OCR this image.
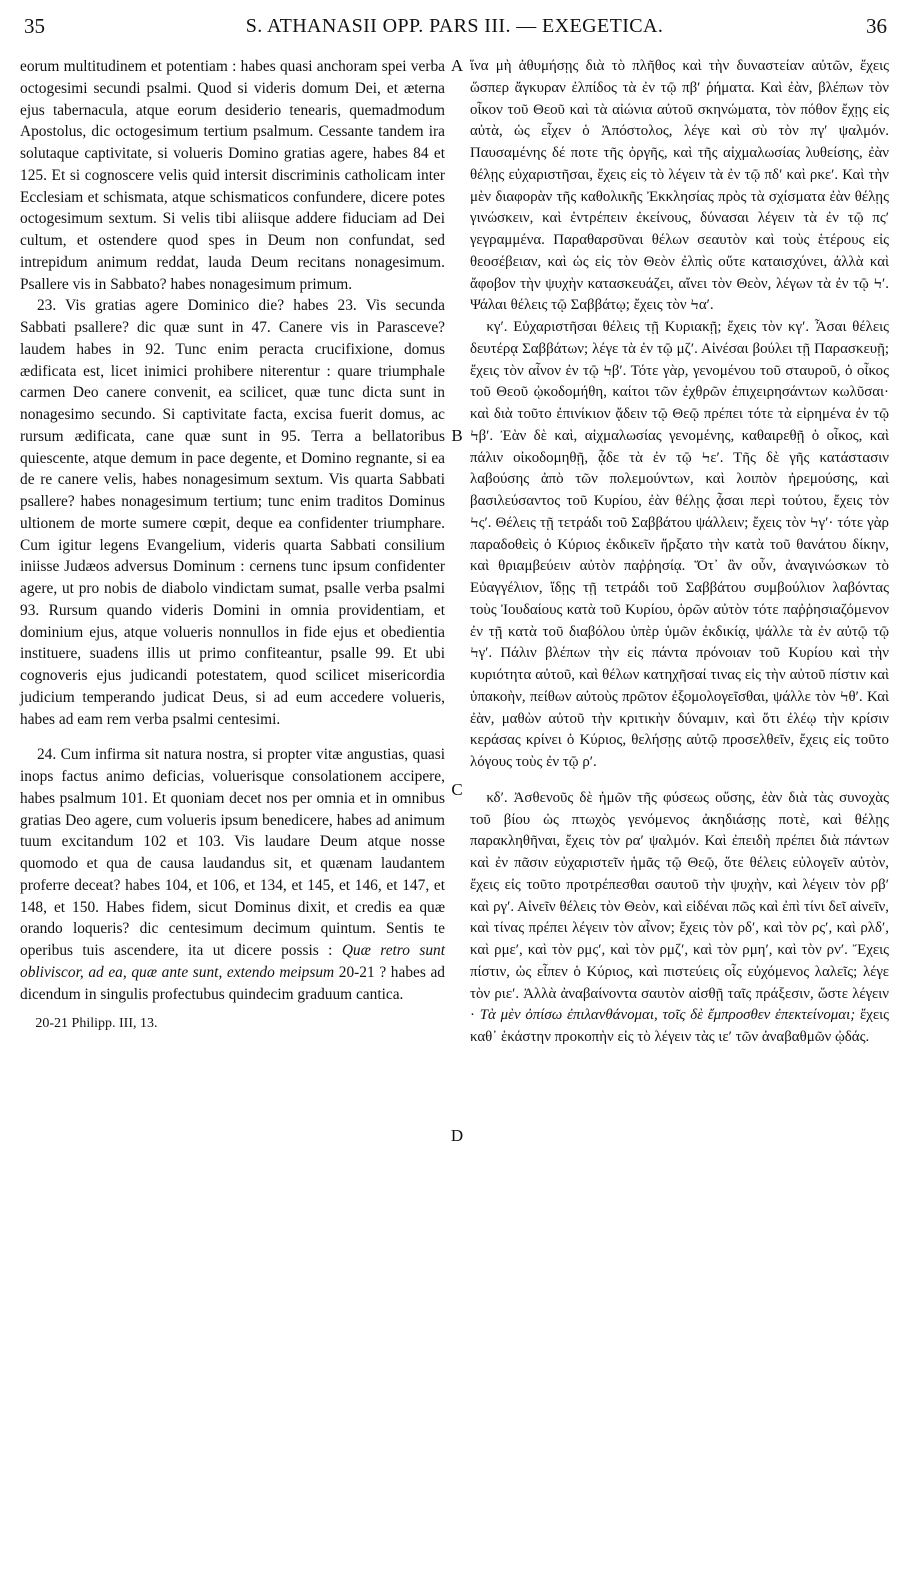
35	S. ATHANASII OPP. PARS III. — EXEGETICA.	36

eorum multitudinem et potentiam : habes quasi anchoram spei verba octogesimi secundi psalmi. Quod si videris domum Dei, et æterna ejus tabernacula, atque eorum desiderio tenearis, quemadmodum Apostolus, dic octogesimum tertium psalmum. Cessante tandem ira solutaque captivitate, si volueris Domino gratias agere, habes 84 et 125. Et si cognoscere velis quid intersit discriminis catholicam inter Ecclesiam et schismata, atque schismaticos confundere, dicere potes octogesimum sextum. Si velis tibi aliisque addere fiduciam ad Dei cultum, et ostendere quod spes in Deum non confundat, sed intrepidum animum reddat, lauda Deum recitans nonagesimum. Psallere vis in Sabbato? habes nonagesimum primum.

23. Vis gratias agere Dominico die? habes 23. Vis secunda Sabbati psallere? dic quæ sunt in 47. Canere vis in Parasceve? laudem habes in 92. Tunc enim peracta crucifixione, domus ædificata est, licet inimici prohibere niterentur : quare triumphale carmen Deo canere convenit, ea scilicet, quæ tunc dicta sunt in nonagesimo secundo. Si captivitate facta, excisa fuerit domus, ac rursum ædificata, cane quæ sunt in 95. Terra a bellatoribus quiescente, atque demum in pace degente, et Domino regnante, si ea de re canere velis, habes nonagesimum sextum. Vis quarta Sabbati psallere? habes nonagesimum tertium; tunc enim traditos Dominus ultionem de morte sumere cœpit, deque ea confidenter triumphare. Cum igitur legens Evangelium, videris quarta Sabbati consilium iniisse Judæos adversus Dominum : cernens tunc ipsum confidenter agere, ut pro nobis de diabolo vindictam sumat, psalle verba psalmi 93. Rursum quando videris Domini in omnia providentiam, et dominium ejus, atque volueris nonnullos in fide ejus et obedientia instituere, suadens illis ut primo confiteantur, psalle 99. Et ubi cognoveris ejus judicandi potestatem, quod scilicet misericordia judicium temperando judicat Deus, si ad eum accedere volueris, habes ad eam rem verba psalmi centesimi.

24. Cum infirma sit natura nostra, si propter vitæ angustias, quasi inops factus animo deficias, voluerisque consolationem accipere, habes psalmum 101. Et quoniam decet nos per omnia et in omnibus gratias Deo agere, cum volueris ipsum benedicere, habes ad animum tuum excitandum 102 et 103. Vis laudare Deum atque nosse quomodo et qua de causa laudandus sit, et quænam laudantem proferre deceat? habes 104, et 106, et 134, et 145, et 146, et 147, et 148, et 150. Habes fidem, sicut Dominus dixit, et credis ea quæ orando loqueris? dic centesimum decimum quintum. Sentis te operibus tuis ascendere, ita ut dicere possis : Quæ retro sunt obliviscor, ad ea, quæ ante sunt, extendo meipsum 20-21 ? habes ad dicendum in singulis profectubus quindecim graduum cantica.

20-21 Philipp. III, 13.

A
B
C
D

ἵνα μὴ ἀθυμήσῃς διὰ τὸ πλῆθος καὶ τὴν δυναστείαν αὐτῶν, ἔχεις ὥσπερ ἄγκυραν ἐλπίδος τὰ ἐν τῷ πβʹ ῥήματα. Καὶ ἐὰν, βλέπων τὸν οἶκον τοῦ Θεοῦ καὶ τὰ αἰώνια αὐτοῦ σκηνώματα, τὸν πόθον ἔχῃς εἰς αὐτὰ, ὡς εἶχεν ὁ Ἀπόστολος, λέγε καὶ σὺ τὸν πγʹ ψαλμόν. Παυσαμένης δέ ποτε τῆς ὀργῆς, καὶ τῆς αἰχμαλωσίας λυθείσης, ἐὰν θέλῃς εὐχαριστῆσαι, ἔχεις εἰς τὸ λέγειν τὰ ἐν τῷ πδʹ καὶ ρκεʹ. Καὶ τὴν μὲν διαφορὰν τῆς καθολικῆς Ἐκκλησίας πρὸς τὰ σχίσματα ἐὰν θέλῃς γινώσκειν, καὶ ἐντρέπειν ἐκείνους, δύνασαι λέγειν τὰ ἐν τῷ πςʹ γεγραμμένα. Παραθαρσῦναι θέλων σεαυτὸν καὶ τοὺς ἑτέρους εἰς θεοσέβειαν, καὶ ὡς εἰς τὸν Θεὸν ἐλπὶς οὔτε καταισχύνει, ἀλλὰ καὶ ἄφοβον τὴν ψυχὴν κατασκευάζει, αἴνει τὸν Θεὸν, λέγων τὰ ἐν τῷ Ϟʹ. Ψάλαι θέλεις τῷ Σαββάτῳ; ἔχεις τὸν Ϟαʹ.

κγʹ. Εὐχαριστῆσαι θέλεις τῇ Κυριακῇ; ἔχεις τὸν κγʹ. Ἆσαι θέλεις δευτέρᾳ Σαββάτων; λέγε τὰ ἐν τῷ μζʹ. Αἰνέσαι βούλει τῇ Παρασκευῇ; ἔχεις τὸν αἶνον ἐν τῷ Ϟβʹ. Τότε γὰρ, γενομένου τοῦ σταυροῦ, ὁ οἶκος τοῦ Θεοῦ ᾠκοδομήθη, καίτοι τῶν ἐχθρῶν ἐπιχειρησάντων κωλῦσαι· καὶ διὰ τοῦτο ἐπινίκιον ᾄδειν τῷ Θεῷ πρέπει τότε τὰ εἰρημένα ἐν τῷ Ϟβʹ. Ἐὰν δὲ καὶ, αἰχμαλωσίας γενομένης, καθαιρεθῇ ὁ οἶκος, καὶ πάλιν οἰκοδομηθῇ, ᾆδε τὰ ἐν τῷ Ϟεʹ. Τῆς δὲ γῆς κατάστασιν λαβούσης ἀπὸ τῶν πολεμούντων, καὶ λοιπὸν ἠρεμούσης, καὶ βασιλεύσαντος τοῦ Κυρίου, ἐὰν θέλῃς ᾆσαι περὶ τούτου, ἔχεις τὸν Ϟςʹ. Θέλεις τῇ τετράδι τοῦ Σαββάτου ψάλλειν; ἔχεις τὸν Ϟγʹ· τότε γὰρ παραδοθεὶς ὁ Κύριος ἐκδικεῖν ἤρξατο τὴν κατὰ τοῦ θανάτου δίκην, καὶ θριαμβεύειν αὐτὸν παῤῥησίᾳ. Ὅτ᾽ ἂν οὖν, ἀναγινώσκων τὸ Εὐαγγέλιον, ἴδῃς τῇ τετράδι τοῦ Σαββάτου συμβούλιον λαβόντας τοὺς Ἰουδαίους κατὰ τοῦ Κυρίου, ὁρῶν αὐτὸν τότε παῤῥησιαζόμενον ἐν τῇ κατὰ τοῦ διαβόλου ὑπὲρ ὑμῶν ἐκδικίᾳ, ψάλλε τὰ ἐν αὐτῷ τῷ Ϟγʹ. Πάλιν βλέπων τὴν εἰς πάντα πρόνοιαν τοῦ Κυρίου καὶ τὴν κυριότητα αὐτοῦ, καὶ θέλων κατηχῆσαί τινας εἰς τὴν αὐτοῦ πίστιν καὶ ὑπακοὴν, πείθων αὐτοὺς πρῶτον ἐξομολογεῖσθαι, ψάλλε τὸν Ϟθʹ. Καὶ ἐὰν, μαθὼν αὐτοῦ τὴν κριτικὴν δύναμιν, καὶ ὅτι ἐλέῳ τὴν κρίσιν κεράσας κρίνει ὁ Κύριος, θελήσῃς αὐτῷ προσελθεῖν, ἔχεις εἰς τοῦτο λόγους τοὺς ἐν τῷ ρʹ.

κδʹ. Ἀσθενοῦς δὲ ἡμῶν τῆς φύσεως οὔσης, ἐὰν διὰ τὰς συνοχὰς τοῦ βίου ὡς πτωχὸς γενόμενος ἀκηδιάσῃς ποτὲ, καὶ θέλῃς παρακληθῆναι, ἔχεις τὸν ραʹ ψαλμόν. Καὶ ἐπειδὴ πρέπει διὰ πάντων καὶ ἐν πᾶσιν εὐχαριστεῖν ἡμᾶς τῷ Θεῷ, ὅτε θέλεις εὐλογεῖν αὐτὸν, ἔχεις εἰς τοῦτο προτρέπεσθαι σαυτοῦ τὴν ψυχὴν, καὶ λέγειν τὸν ρβʹ καὶ ργʹ. Αἰνεῖν θέλεις τὸν Θεὸν, καὶ εἰδέναι πῶς καὶ ἐπὶ τίνι δεῖ αἰνεῖν, καὶ τίνας πρέπει λέγειν τὸν αἶνον; ἔχεις τὸν ρδʹ, καὶ τὸν ρςʹ, καὶ ρλδʹ, καὶ ρμεʹ, καὶ τὸν ρμςʹ, καὶ τὸν ρμζʹ, καὶ τὸν ρμηʹ, καὶ τὸν ρνʹ. Ἔχεις πίστιν, ὡς εἶπεν ὁ Κύριος, καὶ πιστεύεις οἷς εὐχόμενος λαλεῖς; λέγε τὸν ριεʹ. Ἀλλὰ ἀναβαίνοντα σαυτὸν αἰσθῇ ταῖς πράξεσιν, ὥστε λέγειν · Τὰ μὲν ὀπίσω ἐπιλανθάνομαι, τοῖς δὲ ἔμπροσθεν ἐπεκτείνομαι; ἔχεις καθ᾽ ἑκάστην προκοπὴν εἰς τὸ λέγειν τὰς ιεʹ τῶν ἀναβαθμῶν ᾠδάς.
